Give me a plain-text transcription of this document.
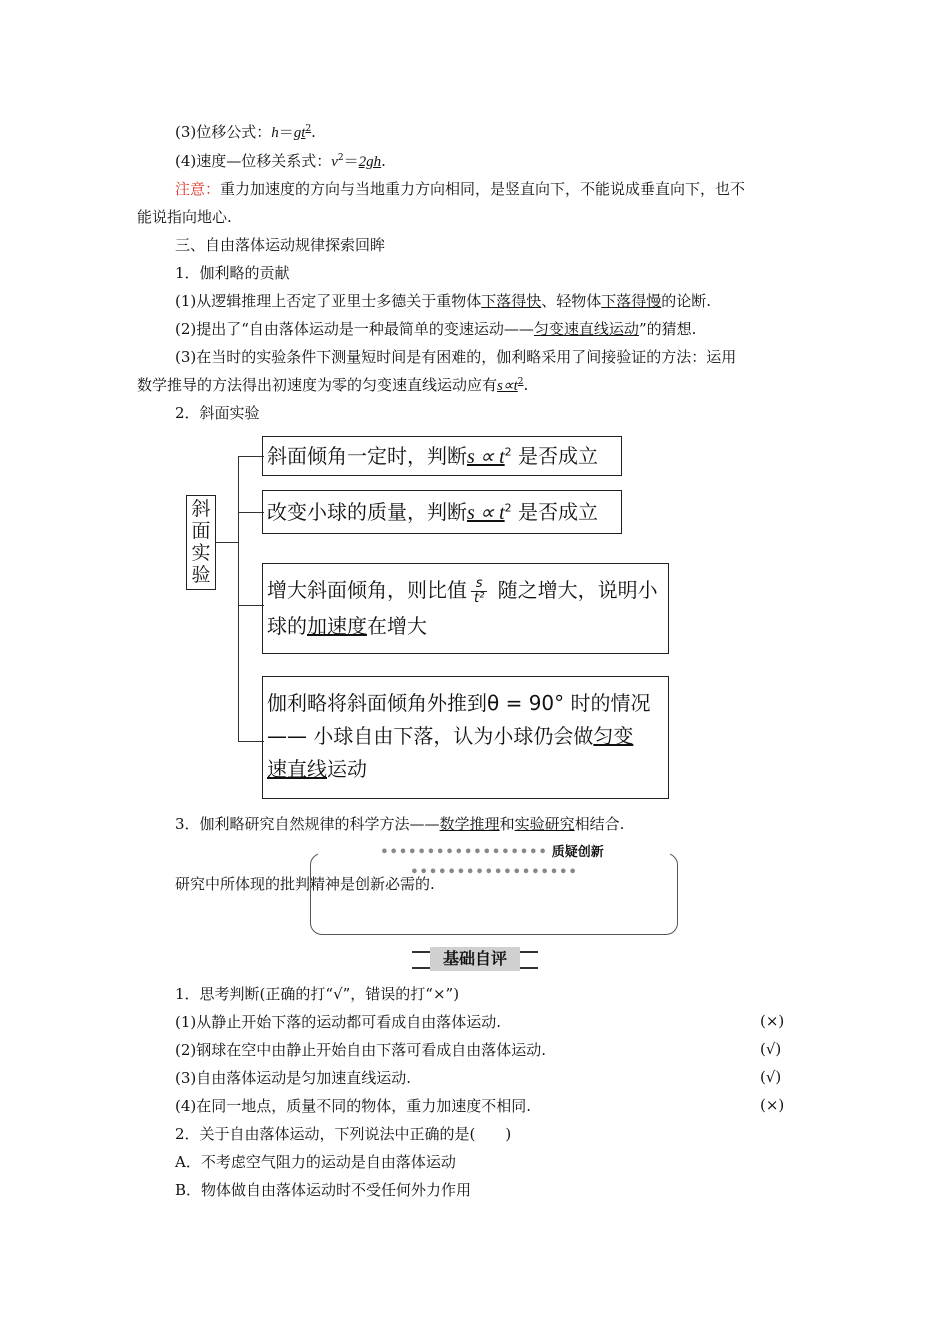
(3)位移公式：$h=gt^2$.
(4)速度—位移关系式：$v^2=2gh$.
注意：重力加速度的方向与当地重力方向相同，是竖直向下，不能说成垂直向下，也不
能说指向地心.
三、自由落体运动规律探索回眸
1．伽利略的贡献
(1)从逻辑推理上否定了亚里士多德关于重物体下落得快、轻物体下落得慢的论断.
(2)提出了“自由落体运动是一种最简单的变速运动——匀变速直线运动”的猜想.
(3)在当时的实验条件下测量短时间是有困难的，伽利略采用了间接验证的方法：运用
数学推导的方法得出初速度为零的匀变速直线运动应有$s\propto t^2$.
2．斜面实验
斜
面
实
验
斜面倾角一定时，判断$s \propto t^2$ 是否成立
改变小球的质量，判断$s \propto t^2$ 是否成立
增大斜面倾角，则比值 $\frac{s}{\text{t²}}$ 随之增大，说明小
球的加速度在增大
伽利略将斜面倾角外推到θ = 90° 时的情况
—— 小球自由下落，认为小球仍会做匀变
速直线运动
3．伽利略研究自然规律的科学方法——数学推理和实验研究相结合.
•••••••••••••••••• 质疑创新••••••••••••••••••
研究中所体现的批判精神是创新必需的.
基础自评
1．思考判断(正确的打“√”，错误的打“×”)
(1)从静止开始下落的运动都可看成自由落体运动.	(×)
(2)钢球在空中由静止开始自由下落可看成自由落体运动.	(√)
(3)自由落体运动是匀加速直线运动.	(√)
(4)在同一地点，质量不同的物体，重力加速度不相同.	(×)
2．关于自由落体运动，下列说法中正确的是(　　)
A．不考虑空气阻力的运动是自由落体运动
B．物体做自由落体运动时不受任何外力作用
